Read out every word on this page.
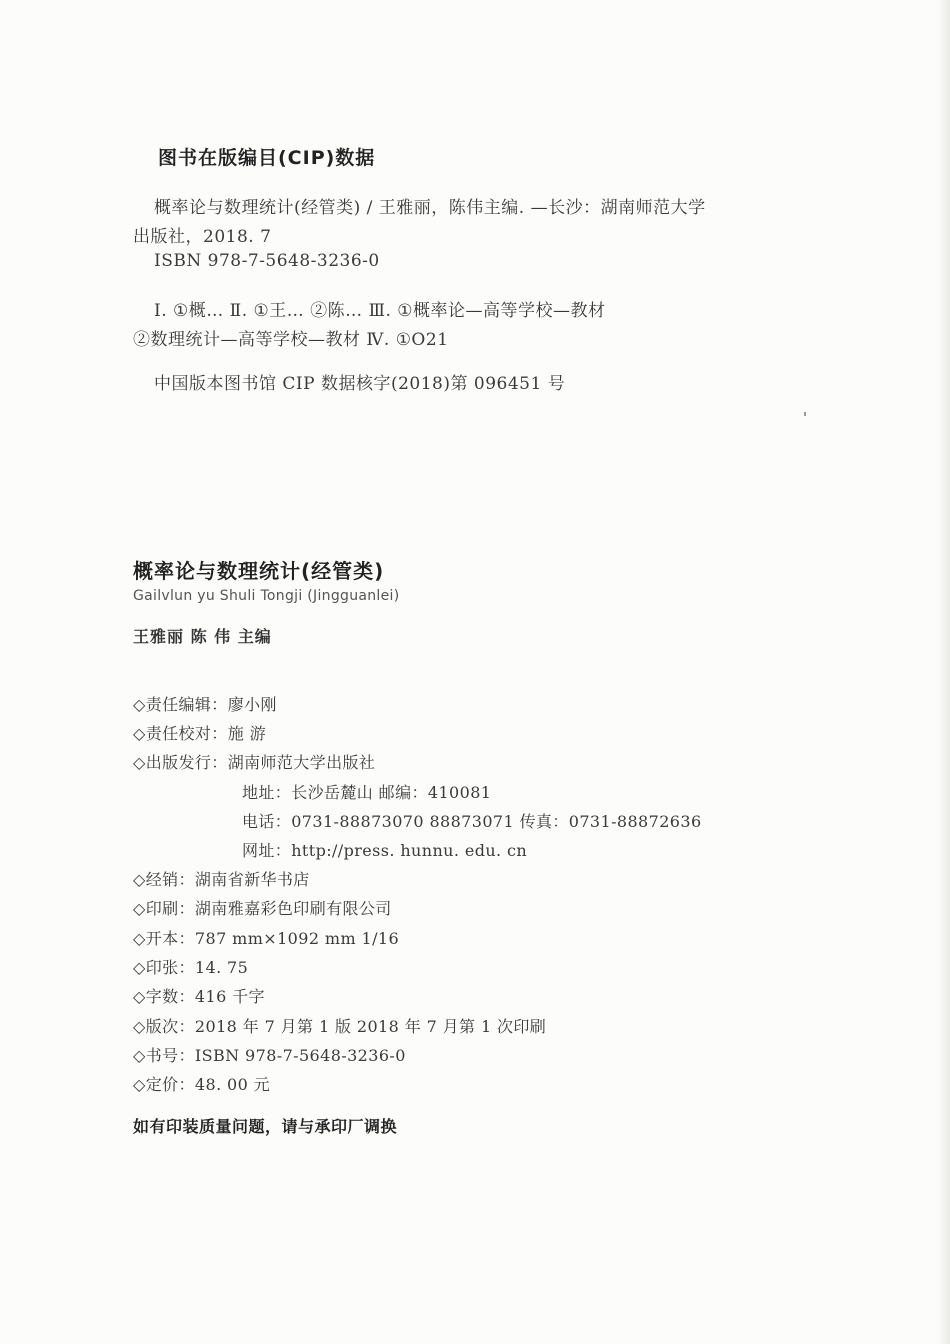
图书在版编目(CIP)数据
概率论与数理统计(经管类) / 王雅丽，陈伟主编. —长沙：湖南师范大学
出版社，2018. 7
ISBN 978-7-5648-3236-0
Ⅰ. ①概… Ⅱ. ①王… ②陈… Ⅲ. ①概率论—高等学校—教材
②数理统计—高等学校—教材 Ⅳ. ①O21
中国版本图书馆 CIP 数据核字(2018)第 096451 号
概率论与数理统计(经管类)
Gailvlun yu Shuli Tongji (Jingguanlei)
王雅丽 陈 伟 主编
◇责任编辑：廖小刚
◇责任校对：施 游
◇出版发行：湖南师范大学出版社
地址：长沙岳麓山 邮编：410081
电话：0731-88873070 88873071 传真：0731-88872636
网址：http://press. hunnu. edu. cn
◇经销：湖南省新华书店
◇印刷：湖南雅嘉彩色印刷有限公司
◇开本：787 mm×1092 mm 1/16
◇印张：14. 75
◇字数：416 千字
◇版次：2018 年 7 月第 1 版 2018 年 7 月第 1 次印刷
◇书号：ISBN 978-7-5648-3236-0
◇定价：48. 00 元
如有印装质量问题，请与承印厂调换
